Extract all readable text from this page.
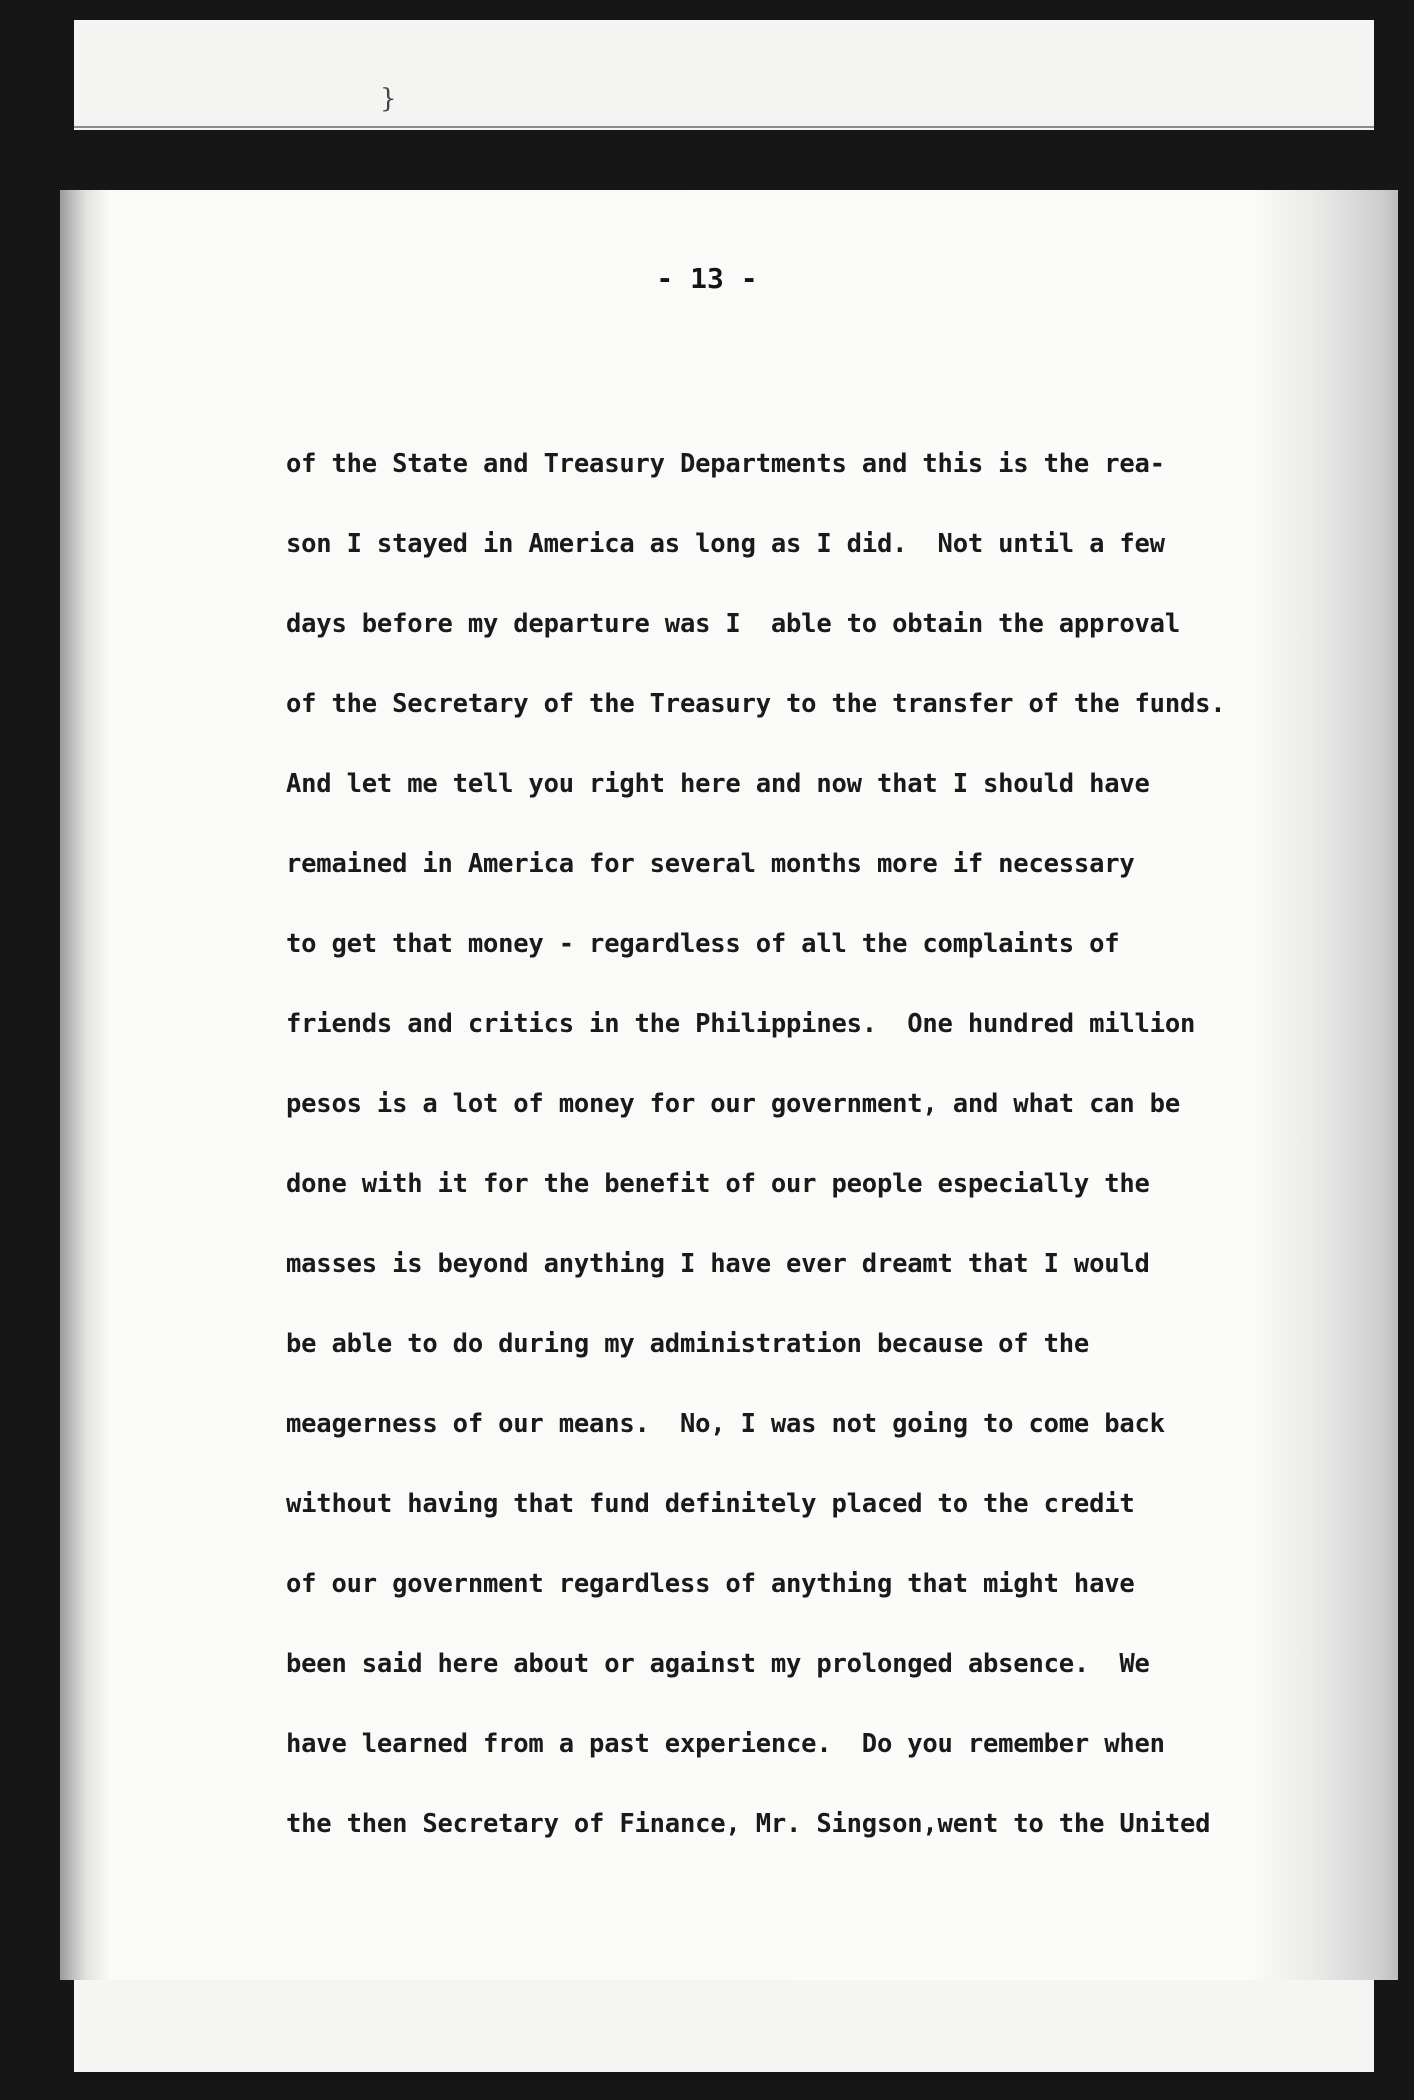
}
- 13 -
of the State and Treasury Departments and this is the rea-
son I stayed in America as long as I did.  Not until a few
days before my departure was I  able to obtain the approval
of the Secretary of the Treasury to the transfer of the funds.
And let me tell you right here and now that I should have
remained in America for several months more if necessary
to get that money - regardless of all the complaints of
friends and critics in the Philippines.  One hundred million
pesos is a lot of money for our government, and what can be
done with it for the benefit of our people especially the
masses is beyond anything I have ever dreamt that I would
be able to do during my administration because of the
meagerness of our means.  No, I was not going to come back
without having that fund definitely placed to the credit
of our government regardless of anything that might have
been said here about or against my prolonged absence.  We
have learned from a past experience.  Do you remember when
the then Secretary of Finance, Mr. Singson,went to the United
